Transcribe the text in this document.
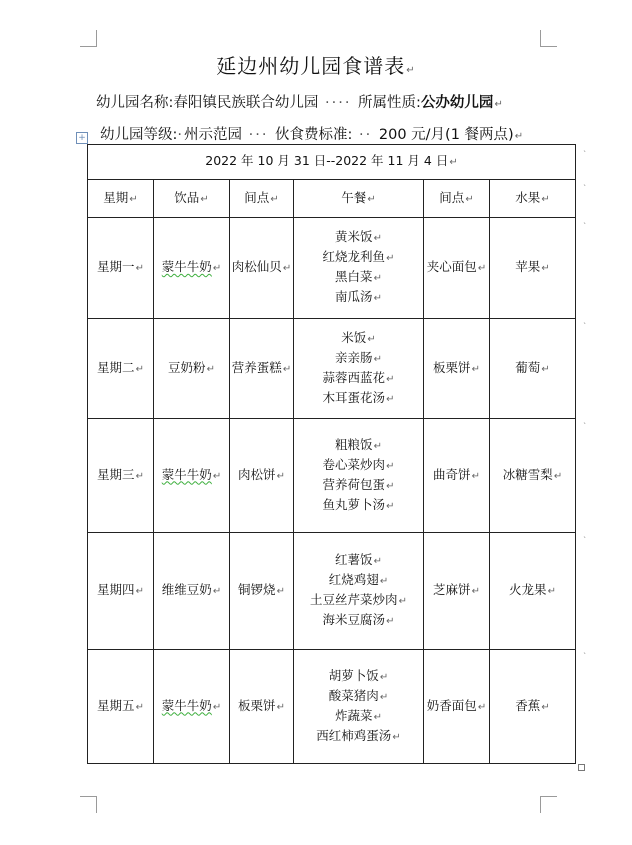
延边州幼儿园食谱表↵
幼儿园名称:春阳镇民族联合幼儿园 ···· 所属性质:公办幼儿园↵
幼儿园等级:·州示范园 ··· 伙食费标准: ·· 200 元/月(1 餐两点)↵
+
2022 年 10 月 31 日--2022 年 11 月 4 日↵					
星期↵	饮品↵	间点↵	午餐↵	间点↵	水果↵
星期一↵	蒙牛牛奶↵	肉松仙贝↵	黄米饭↵
红烧龙利鱼↵
黑白菜↵
南瓜汤↵	夹心面包↵	苹果↵
星期二↵	豆奶粉↵	营养蛋糕↵	米饭↵
亲亲肠↵
蒜蓉西蓝花↵
木耳蛋花汤↵	板栗饼↵	葡萄↵
星期三↵	蒙牛牛奶↵	肉松饼↵	粗粮饭↵
卷心菜炒肉↵
营养荷包蛋↵
鱼丸萝卜汤↵	曲奇饼↵	冰糖雪梨↵
星期四↵	维维豆奶↵	铜锣烧↵	红薯饭↵
红烧鸡翅↵
土豆丝芹菜炒肉↵
海米豆腐汤↵	芝麻饼↵	火龙果↵
星期五↵	蒙牛牛奶↵	板栗饼↵	胡萝卜饭↵
酸菜猪肉↵
炸蔬菜↵
西红柿鸡蛋汤↵	奶香面包↵	香蕉↵
ˋ
ˋ
ˋ
ˋ
ˋ
ˋ
ˋ
